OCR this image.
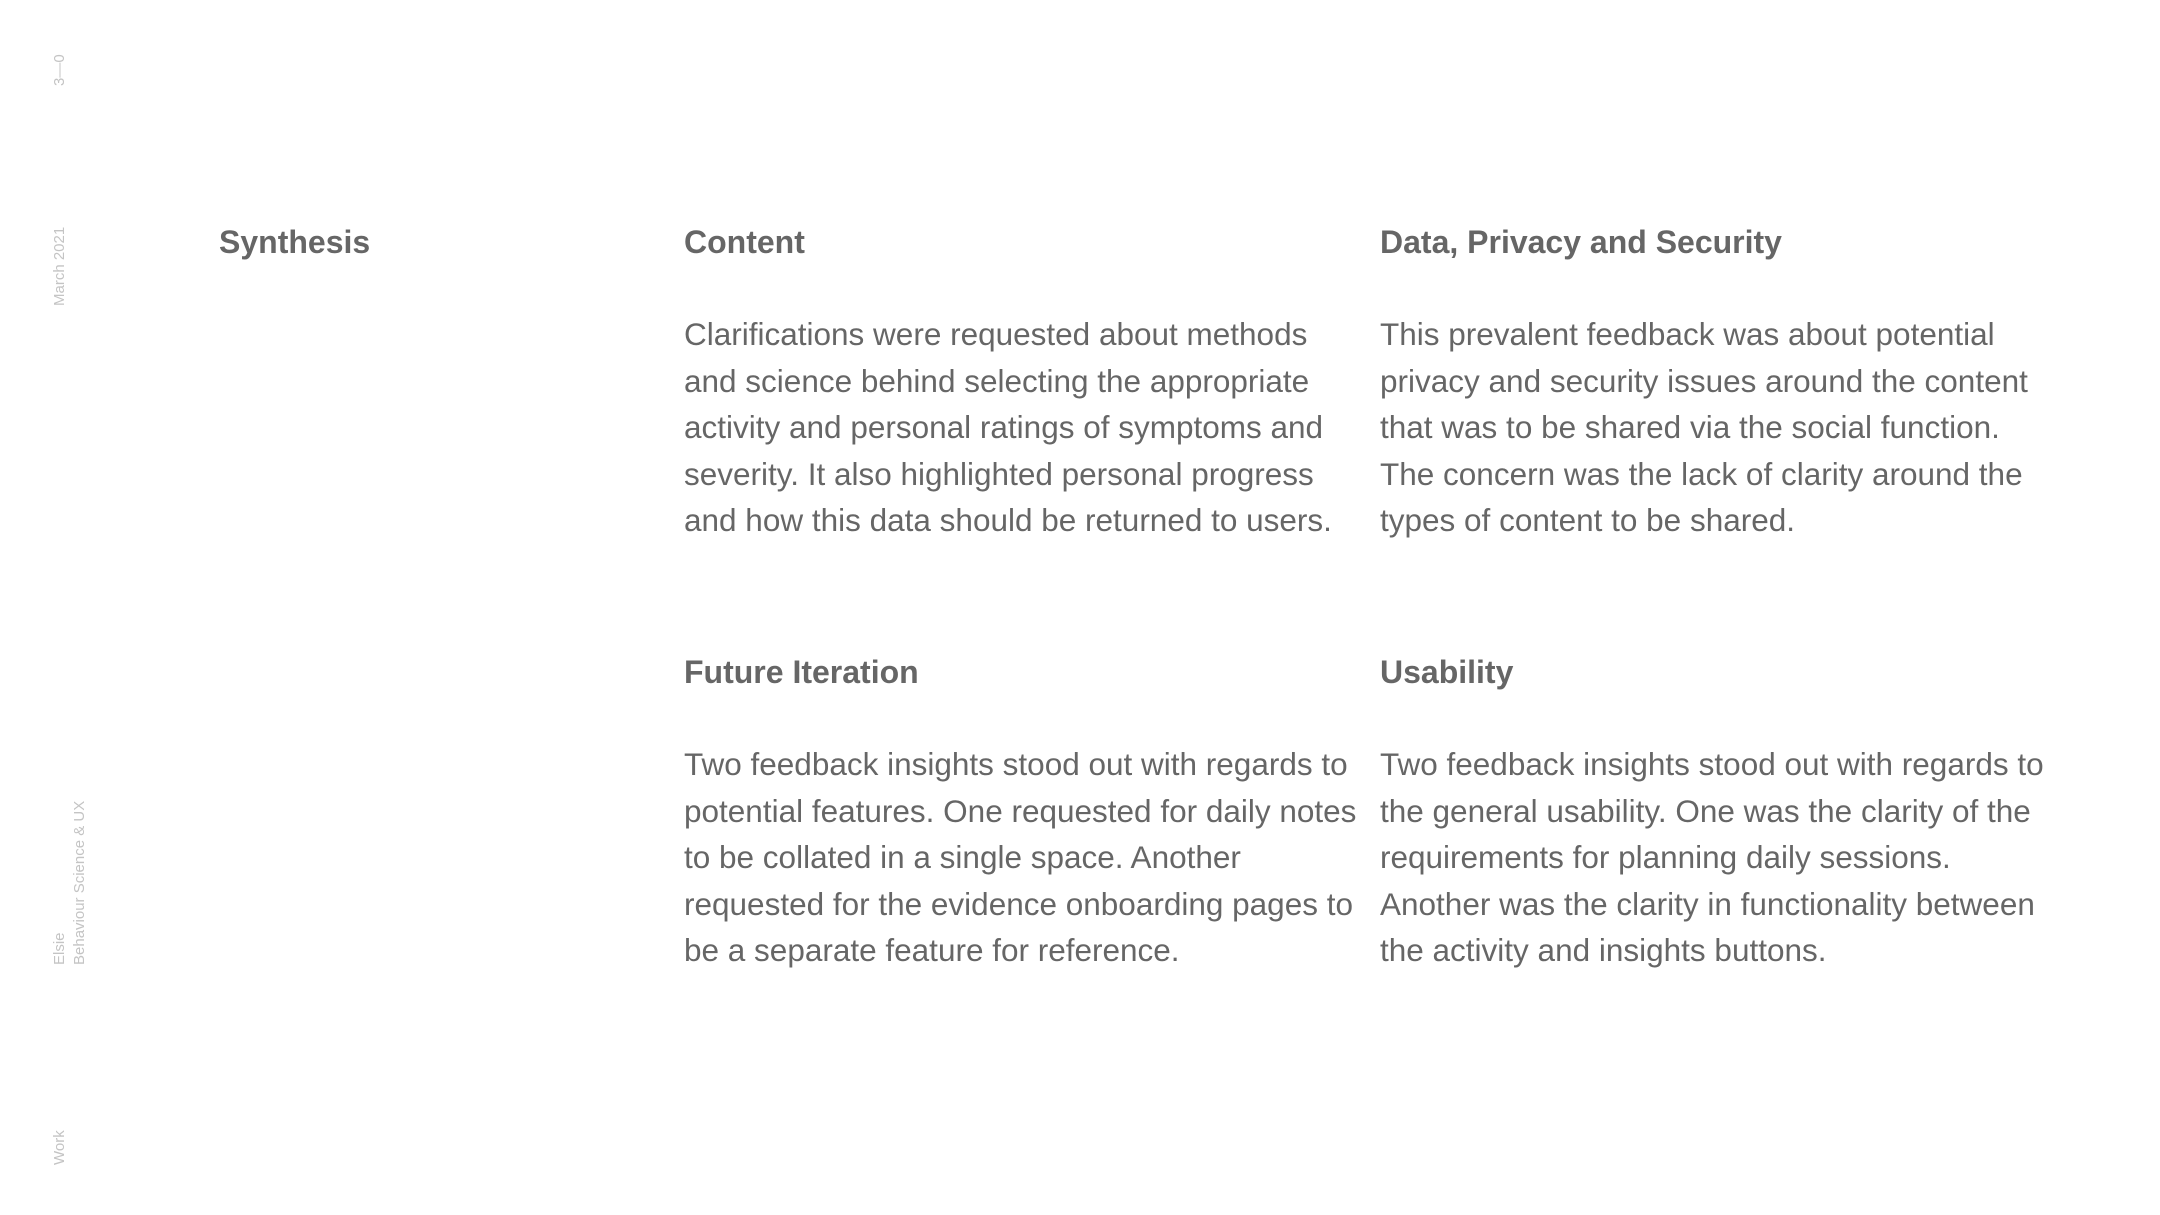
3—0
March 2021
Elsie Behaviour Science & UX
Work
Synthesis	Content

Clarifications were requested about methods and science behind selecting the appropriate activity and personal ratings of symptoms and severity. It also highlighted personal progress and how this data should be returned to users.

Data, Privacy and Security

This prevalent feedback was about potential privacy and security issues around the content that was to be shared via the social function. The concern was the lack of clarity around the types of content to be shared.

Future Iteration

Two feedback insights stood out with regards to potential features. One requested for daily notes to be collated in a single space. Another requested for the evidence onboarding pages to be a separate feature for reference.

Usability

Two feedback insights stood out with regards to the general usability. One was the clarity of the requirements for planning daily sessions. Another was the clarity in functionality between the activity and insights buttons.
